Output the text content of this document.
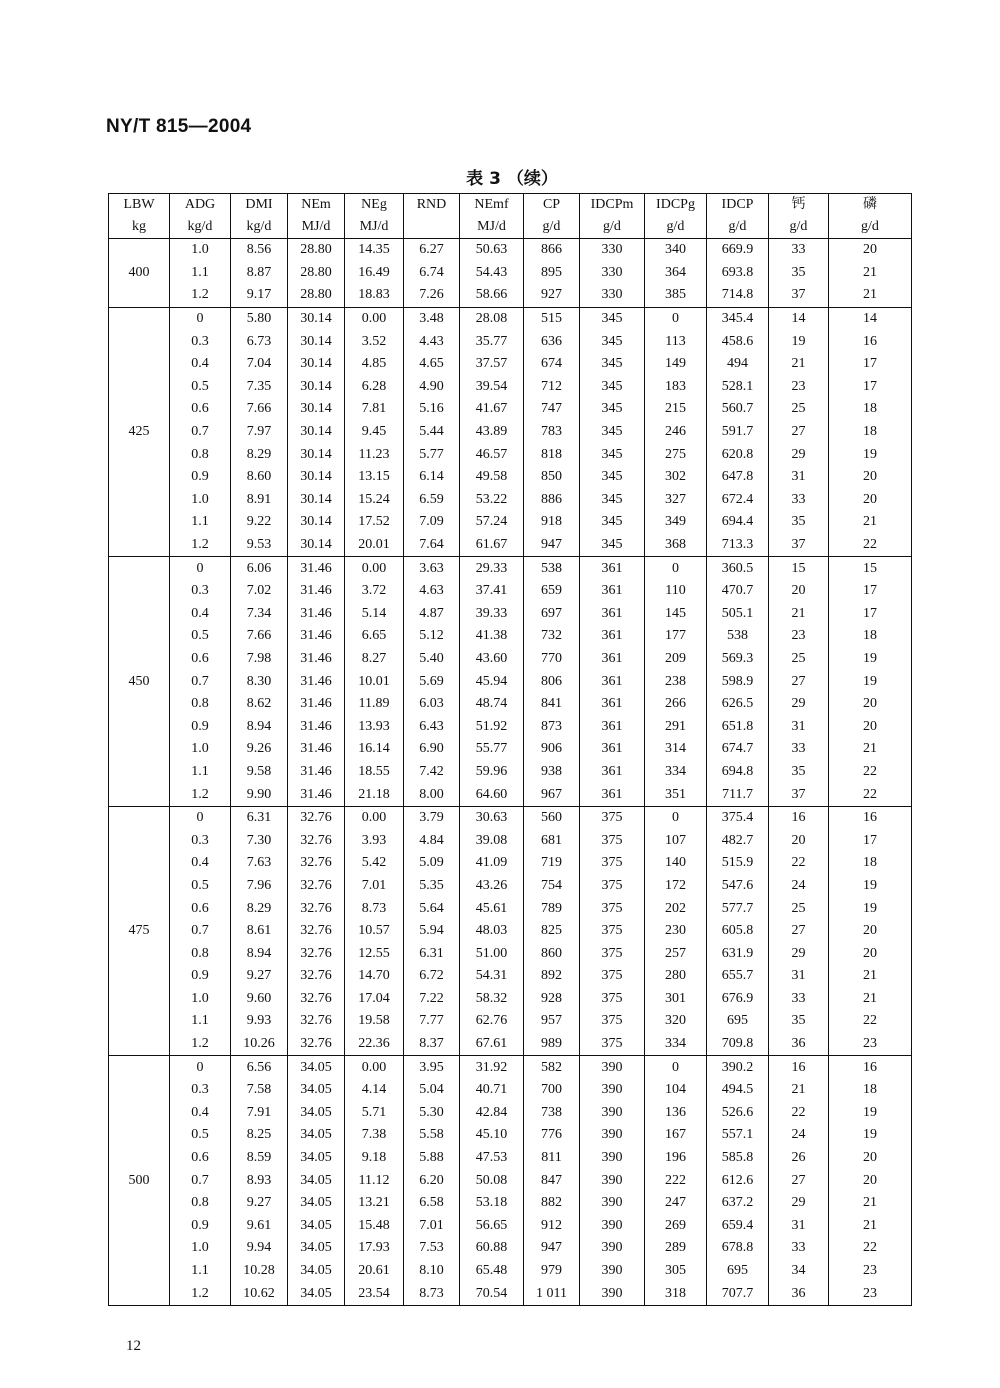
NY/T 815—2004
表 3 （续）
LBW	ADG	DMI	NEm	NEg	RND	NEmf	CP	IDCPm	IDCPg	IDCP	钙	磷
kg	kg/d	kg/d	MJ/d	MJ/d		MJ/d	g/d	g/d	g/d	g/d	g/d	g/d
400	1.0	8.56	28.80	14.35	6.27	50.63	866	330	340	669.9	33	20
	1.1	8.87	28.80	16.49	6.74	54.43	895	330	364	693.8	35	21
	1.2	9.17	28.80	18.83	7.26	58.66	927	330	385	714.8	37	21
425	0	5.80	30.14	0.00	3.48	28.08	515	345	0	345.4	14	14
	0.3	6.73	30.14	3.52	4.43	35.77	636	345	113	458.6	19	16
	0.4	7.04	30.14	4.85	4.65	37.57	674	345	149	494	21	17
	0.5	7.35	30.14	6.28	4.90	39.54	712	345	183	528.1	23	17
	0.6	7.66	30.14	7.81	5.16	41.67	747	345	215	560.7	25	18
	0.7	7.97	30.14	9.45	5.44	43.89	783	345	246	591.7	27	18
	0.8	8.29	30.14	11.23	5.77	46.57	818	345	275	620.8	29	19
	0.9	8.60	30.14	13.15	6.14	49.58	850	345	302	647.8	31	20
	1.0	8.91	30.14	15.24	6.59	53.22	886	345	327	672.4	33	20
	1.1	9.22	30.14	17.52	7.09	57.24	918	345	349	694.4	35	21
	1.2	9.53	30.14	20.01	7.64	61.67	947	345	368	713.3	37	22
450	0	6.06	31.46	0.00	3.63	29.33	538	361	0	360.5	15	15
	0.3	7.02	31.46	3.72	4.63	37.41	659	361	110	470.7	20	17
	0.4	7.34	31.46	5.14	4.87	39.33	697	361	145	505.1	21	17
	0.5	7.66	31.46	6.65	5.12	41.38	732	361	177	538	23	18
	0.6	7.98	31.46	8.27	5.40	43.60	770	361	209	569.3	25	19
	0.7	8.30	31.46	10.01	5.69	45.94	806	361	238	598.9	27	19
	0.8	8.62	31.46	11.89	6.03	48.74	841	361	266	626.5	29	20
	0.9	8.94	31.46	13.93	6.43	51.92	873	361	291	651.8	31	20
	1.0	9.26	31.46	16.14	6.90	55.77	906	361	314	674.7	33	21
	1.1	9.58	31.46	18.55	7.42	59.96	938	361	334	694.8	35	22
	1.2	9.90	31.46	21.18	8.00	64.60	967	361	351	711.7	37	22
475	0	6.31	32.76	0.00	3.79	30.63	560	375	0	375.4	16	16
	0.3	7.30	32.76	3.93	4.84	39.08	681	375	107	482.7	20	17
	0.4	7.63	32.76	5.42	5.09	41.09	719	375	140	515.9	22	18
	0.5	7.96	32.76	7.01	5.35	43.26	754	375	172	547.6	24	19
	0.6	8.29	32.76	8.73	5.64	45.61	789	375	202	577.7	25	19
	0.7	8.61	32.76	10.57	5.94	48.03	825	375	230	605.8	27	20
	0.8	8.94	32.76	12.55	6.31	51.00	860	375	257	631.9	29	20
	0.9	9.27	32.76	14.70	6.72	54.31	892	375	280	655.7	31	21
	1.0	9.60	32.76	17.04	7.22	58.32	928	375	301	676.9	33	21
	1.1	9.93	32.76	19.58	7.77	62.76	957	375	320	695	35	22
	1.2	10.26	32.76	22.36	8.37	67.61	989	375	334	709.8	36	23
500	0	6.56	34.05	0.00	3.95	31.92	582	390	0	390.2	16	16
	0.3	7.58	34.05	4.14	5.04	40.71	700	390	104	494.5	21	18
	0.4	7.91	34.05	5.71	5.30	42.84	738	390	136	526.6	22	19
	0.5	8.25	34.05	7.38	5.58	45.10	776	390	167	557.1	24	19
	0.6	8.59	34.05	9.18	5.88	47.53	811	390	196	585.8	26	20
	0.7	8.93	34.05	11.12	6.20	50.08	847	390	222	612.6	27	20
	0.8	9.27	34.05	13.21	6.58	53.18	882	390	247	637.2	29	21
	0.9	9.61	34.05	15.48	7.01	56.65	912	390	269	659.4	31	21
	1.0	9.94	34.05	17.93	7.53	60.88	947	390	289	678.8	33	22
	1.1	10.28	34.05	20.61	8.10	65.48	979	390	305	695	34	23
	1.2	10.62	34.05	23.54	8.73	70.54	1 011	390	318	707.7	36	23
12
